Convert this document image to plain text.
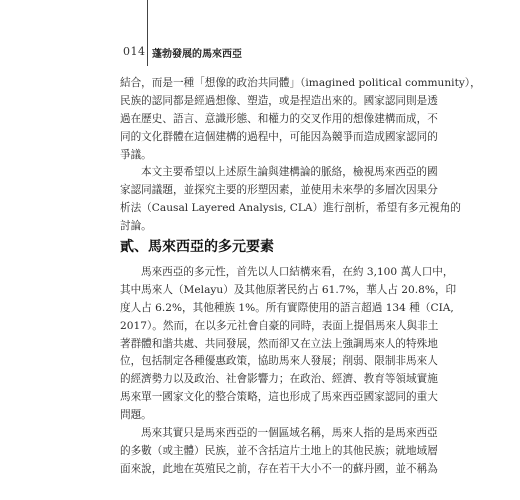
014 蓬勃發展的馬來西亞
結合，而是一種「想像的政治共同體」（imagined political community），
民族的認同都是經過想像、塑造，或是捏造出來的。國家認同則是透
過在歷史、語言、意識形態、和權力的交叉作用的想像建構而成，不
同的文化群體在這個建構的過程中，可能因為競爭而造成國家認同的
爭議。
本文主要希望以上述原生論與建構論的脈絡，檢視馬來西亞的國
家認同議題，並探究主要的形塑因素，並使用未來學的多層次因果分
析法（Causal Layered Analysis, CLA）進行剖析，希望有多元視角的
討論。
貳、馬來西亞的多元要素
馬來西亞的多元性，首先以人口結構來看，在約 3,100 萬人口中，
其中馬來人（Melayu）及其他原著民約占 61.7%，華人占 20.8%，印
度人占 6.2%，其他種族 1%。所有實際使用的語言超過 134 種（CIA,
2017）。然而，在以多元社會自豪的同時，表面上提倡馬來人與非土
著群體和諧共處、共同發展，然而卻又在立法上強調馬來人的特殊地
位，包括制定各種優惠政策，協助馬來人發展；削弱、限制非馬來人
的經濟勢力以及政治、社會影響力；在政治、經濟、教育等領域實施
馬來單一國家文化的整合策略，這也形成了馬來西亞國家認同的重大
問題。
馬來其實只是馬來西亞的一個區域名稱，馬來人指的是馬來西亞
的多數（或主體）民族，並不含括這片土地上的其他民族；就地域層
面來說，此地在英殖民之前，存在若干大小不一的蘇丹國，並不稱為
